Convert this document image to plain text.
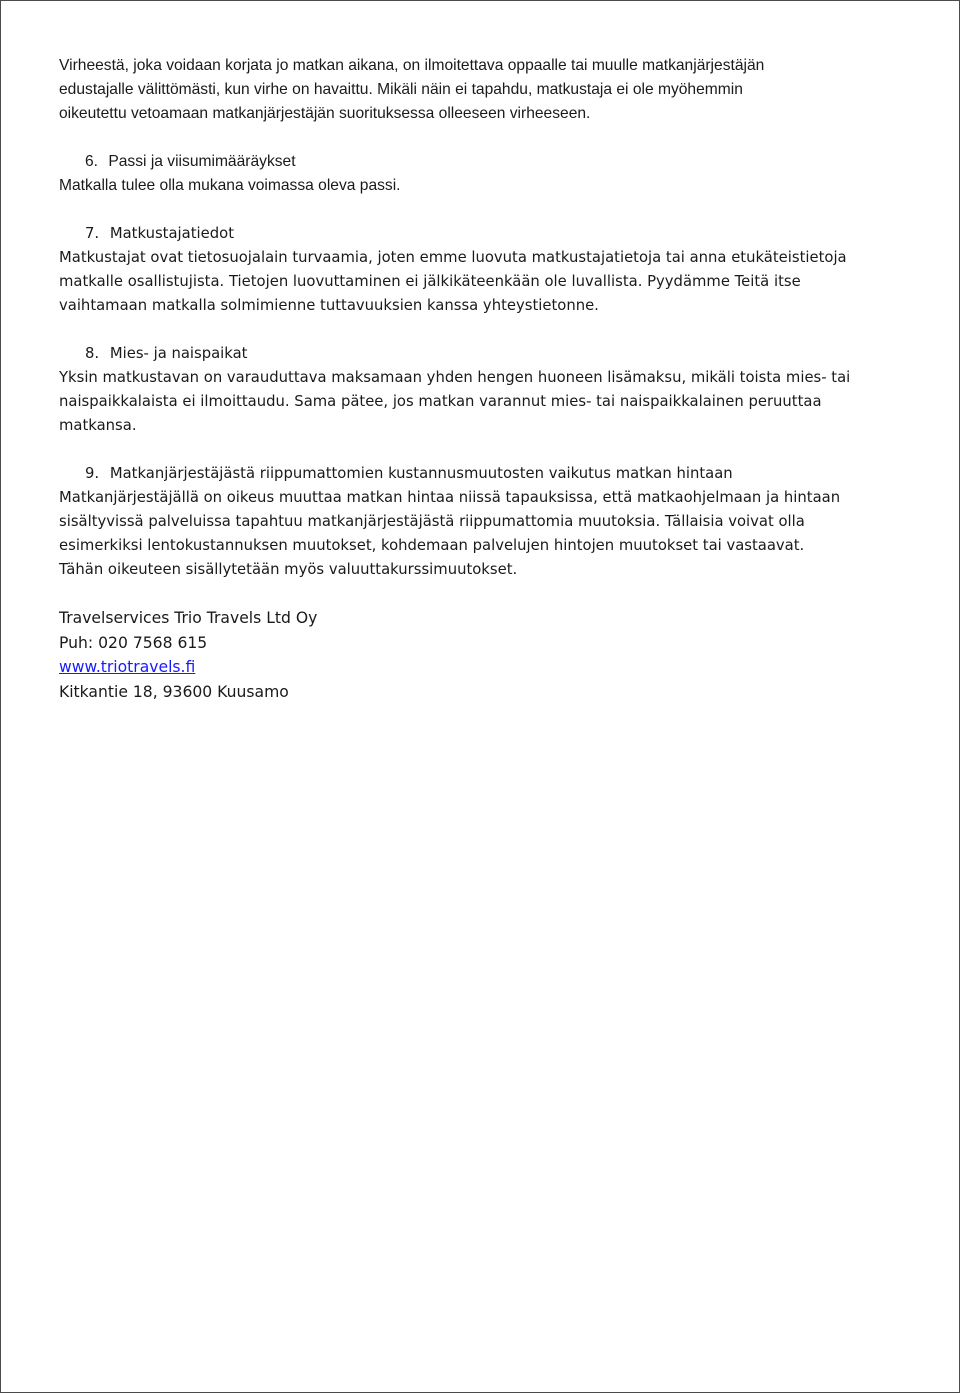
Virheestä, joka voidaan korjata jo matkan aikana, on ilmoitettava oppaalle tai muulle matkanjärjestäjän
edustajalle välittömästi, kun virhe on havaittu. Mikäli näin ei tapahdu, matkustaja ei ole myöhemmin
oikeutettu vetoamaan matkanjärjestäjän suorituksessa olleeseen virheeseen.
6. Passi ja viisumimääräykset
Matkalla tulee olla mukana voimassa oleva passi.
7. Matkustajatiedot
Matkustajat ovat tietosuojalain turvaamia, joten emme luovuta matkustajatietoja tai anna etukäteistietoja
matkalle osallistujista. Tietojen luovuttaminen ei jälkikäteenkään ole luvallista. Pyydämme Teitä itse
vaihtamaan matkalla solmimienne tuttavuuksien kanssa yhteystietonne.
8. Mies- ja naispaikat
Yksin matkustavan on varauduttava maksamaan yhden hengen huoneen lisämaksu, mikäli toista mies- tai
naispaikkalaista ei ilmoittaudu. Sama pätee, jos matkan varannut mies- tai naispaikkalainen peruuttaa
matkansa.
9. Matkanjärjestäjästä riippumattomien kustannusmuutosten vaikutus matkan hintaan
Matkanjärjestäjällä on oikeus muuttaa matkan hintaa niissä tapauksissa, että matkaohjelmaan ja hintaan
sisältyvissä palveluissa tapahtuu matkanjärjestäjästä riippumattomia muutoksia. Tällaisia voivat olla
esimerkiksi lentokustannuksen muutokset, kohdemaan palvelujen hintojen muutokset tai vastaavat.
Tähän oikeuteen sisällytetään myös valuuttakurssimuutokset.
Travelservices Trio Travels Ltd Oy
Puh: 020 7568 615
www.triotravels.fi
Kitkantie 18, 93600 Kuusamo
